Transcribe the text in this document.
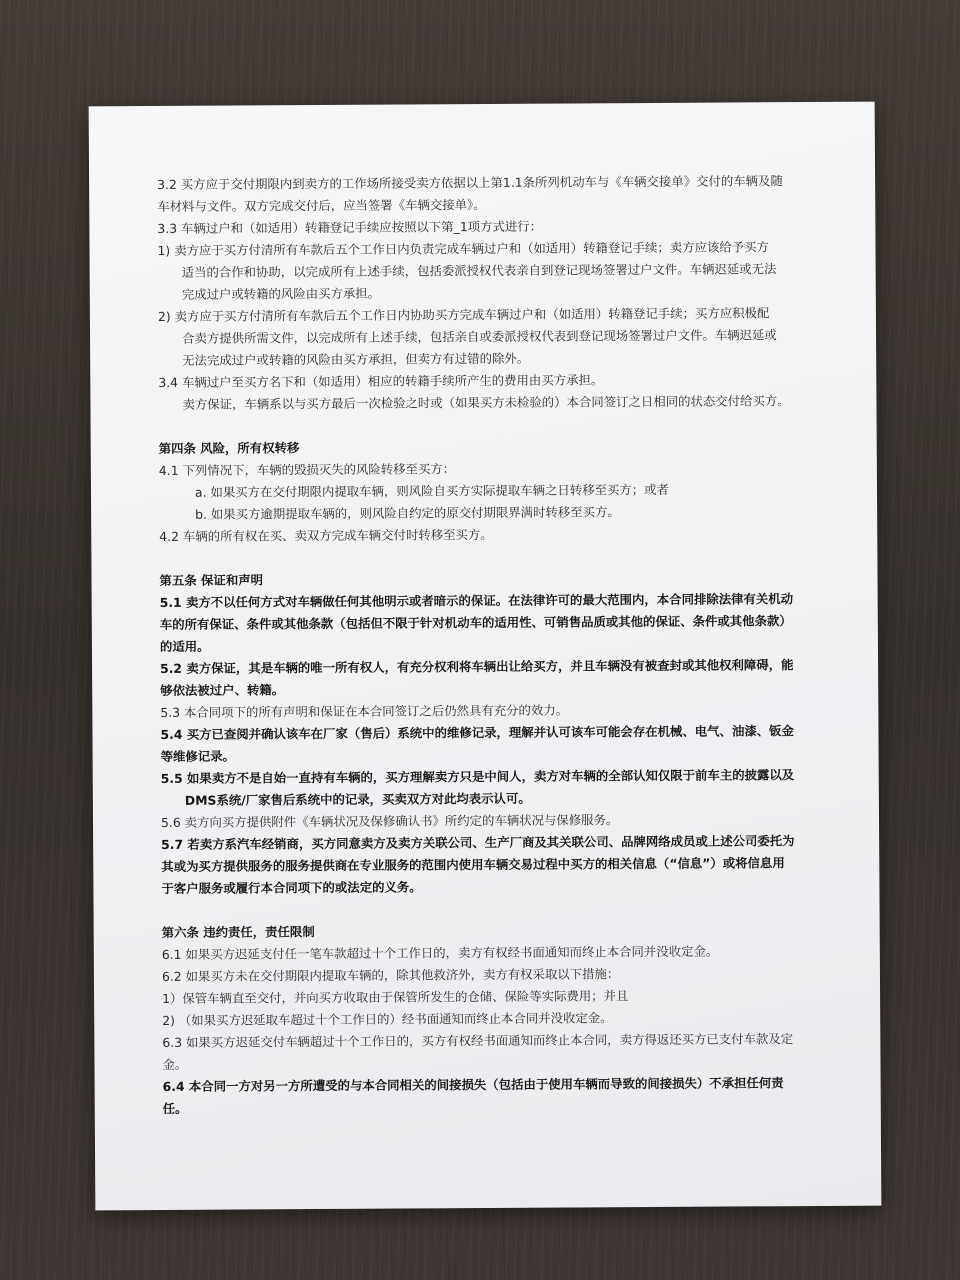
3.2 买方应于交付期限内到卖方的工作场所接受卖方依据以上第1.1条所列机动车与《车辆交接单》交付的车辆及随

车材料与文件。双方完成交付后，应当签署《车辆交接单》。

3.3 车辆过户和（如适用）转籍登记手续应按照以下第_1项方式进行：

1) 卖方应于买方付清所有车款后五个工作日内负责完成车辆过户和（如适用）转籍登记手续；卖方应该给予买方

适当的合作和协助，以完成所有上述手续，包括委派授权代表亲自到登记现场签署过户文件。车辆迟延或无法

完成过户或转籍的风险由买方承担。

2) 卖方应于买方付清所有车款后五个工作日内协助买方完成车辆过户和（如适用）转籍登记手续；买方应积极配

合卖方提供所需文件，以完成所有上述手续，包括亲自或委派授权代表到登记现场签署过户文件。车辆迟延或

无法完成过户或转籍的风险由买方承担，但卖方有过错的除外。

3.4 车辆过户至买方名下和（如适用）相应的转籍手续所产生的费用由买方承担。

卖方保证，车辆系以与买方最后一次检验之时或（如果买方未检验的）本合同签订之日相同的状态交付给买方。

第四条 风险，所有权转移

4.1 下列情况下，车辆的毁损灭失的风险转移至买方：

a. 如果买方在交付期限内提取车辆，则风险自买方实际提取车辆之日转移至买方；或者

b. 如果买方逾期提取车辆的，则风险自约定的原交付期限界满时转移至买方。

4.2 车辆的所有权在买、卖双方完成车辆交付时转移至买方。

第五条 保证和声明

5.1 卖方不以任何方式对车辆做任何其他明示或者暗示的保证。在法律许可的最大范围内，本合同排除法律有关机动

车的所有保证、条件或其他条款（包括但不限于针对机动车的适用性、可销售品质或其他的保证、条件或其他条款）

的适用。

5.2 卖方保证，其是车辆的唯一所有权人，有充分权利将车辆出让给买方，并且车辆没有被查封或其他权利障碍，能

够依法被过户、转籍。

5.3 本合同项下的所有声明和保证在本合同签订之后仍然具有充分的效力。

5.4 买方已查阅并确认该车在厂家（售后）系统中的维修记录，理解并认可该车可能会存在机械、电气、油漆、钣金

等维修记录。

5.5 如果卖方不是自始一直持有车辆的，买方理解卖方只是中间人，卖方对车辆的全部认知仅限于前车主的披露以及

DMS系统/厂家售后系统中的记录，买卖双方对此均表示认可。

5.6 卖方向买方提供附件《车辆状况及保修确认书》所约定的车辆状况与保修服务。

5.7 若卖方系汽车经销商，买方同意卖方及卖方关联公司、生产厂商及其关联公司、品牌网络成员或上述公司委托为

其或为买方提供服务的服务提供商在专业服务的范围内使用车辆交易过程中买方的相关信息（“信息”）或将信息用

于客户服务或履行本合同项下的或法定的义务。

第六条 违约责任，责任限制

6.1 如果买方迟延支付任一笔车款超过十个工作日的，卖方有权经书面通知而终止本合同并没收定金。

6.2 如果买方未在交付期限内提取车辆的，除其他救济外，卖方有权采取以下措施：

1）保管车辆直至交付，并向买方收取由于保管所发生的仓储、保险等实际费用；并且

2) （如果买方迟延取车超过十个工作日的）经书面通知而终止本合同并没收定金。

6.3 如果买方迟延交付车辆超过十个工作日的，买方有权经书面通知而终止本合同，卖方得返还买方已支付车款及定

金。

6.4 本合同一方对另一方所遭受的与本合同相关的间接损失（包括由于使用车辆而导致的间接损失）不承担任何责

任。
